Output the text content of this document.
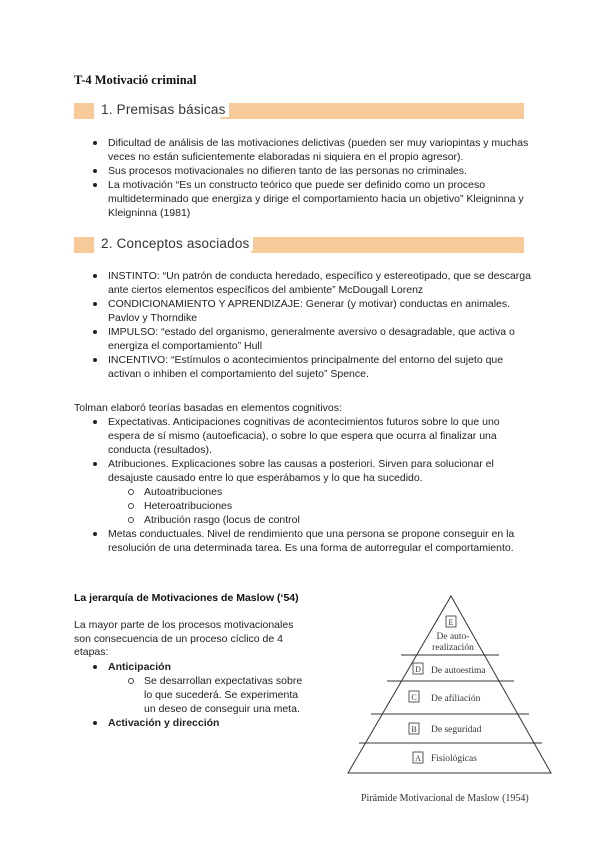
T-4 Motivació criminal
1. Premisas básicas
Dificultad de análisis de las motivaciones delictivas (pueden ser muy variopintas y muchas veces no están suficientemente elaboradas ni siquiera en el propio agresor).
Sus procesos motivacionales no difieren tanto de las personas no criminales.
La motivación “Es un constructo teórico que puede ser definido como un proceso multideterminado que energiza y dirige el comportamiento hacia un objetivo” Kleigninna y Kleigninna (1981)
2. Conceptos asociados
INSTINTO: “Un patrón de conducta heredado, específico y estereotipado, que se descarga ante ciertos elementos específicos del ambiente” McDougall Lorenz
CONDICIONAMIENTO Y APRENDIZAJE: Generar (y motivar) conductas en animales. Pavlov y Thorndike
IMPULSO: “estado del organismo, generalmente aversivo o desagradable, que activa o energiza el comportamiento” Hull
INCENTIVO: “Estímulos o acontecimientos principalmente del entorno del sujeto que activan o inhiben el comportamiento del sujeto” Spence.
Tolman elaboró teorías basadas en elementos cognitivos:
Expectativas. Anticipaciones cognitivas de acontecimientos futuros sobre lo que uno espera de sí mismo (autoeficacia), o sobre lo que espera que ocurra al finalizar una conducta (resultados).
Atribuciones. Explicaciones sobre las causas a posteriori. Sirven para solucionar el desajuste causado entre lo que esperábamos y lo que ha sucedido.
Autoatribuciones
Heteroatribuciones
Atribución rasgo (locus de control
Metas conductuales. Nivel de rendimiento que una persona se propone conseguir en la resolución de una determinada tarea. Es una forma de autorregular el comportamiento.
La jerarquía de Motivaciones de Maslow (‘54)
La mayor parte de los procesos motivacionales son consecuencia de un proceso cíclico de 4 etapas:
Anticipación
Se desarrollan expectativas sobre lo que sucederá. Se experimenta un deseo de conseguir una meta.
Activación y dirección
E
De auto-
realización
D De autoestima
C De afiliación
B De seguridad
A Fisiológicas
Pirámide Motivacional de Maslow (1954)
